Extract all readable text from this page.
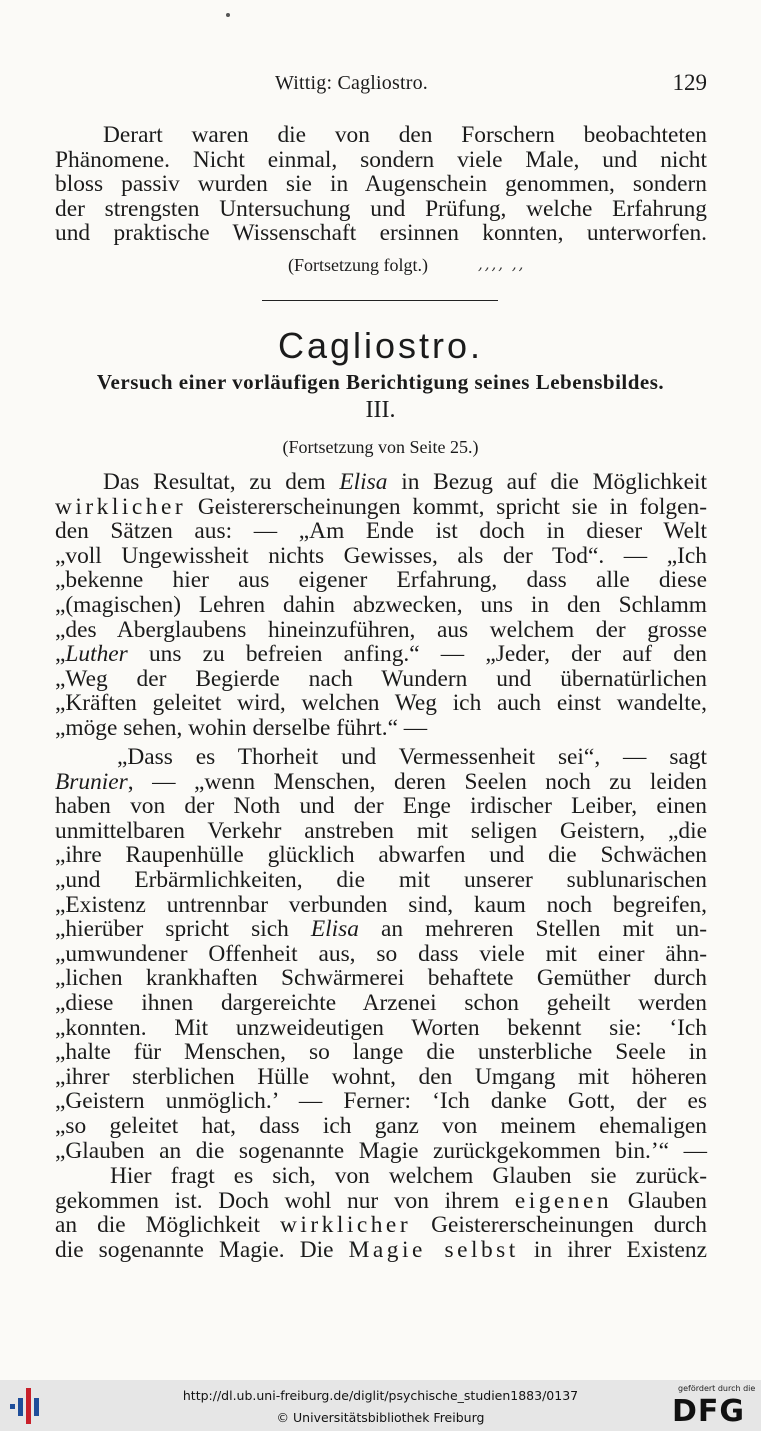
Wittig: Cagliostro.	129

Derart waren die von den Forschern beobachteten

Phänomene. Nicht einmal, sondern viele Male, und nicht

bloss passiv wurden sie in Augenschein genommen, sondern

der strengsten Untersuchung und Prüfung, welche Erfahrung

und praktische Wissenschaft ersinnen konnten, unterworfen.

(Fortsetzung folgt.)	,,,, ,,
Cagliostro.
Versuch einer vorläufigen Berichtigung seines Lebensbildes.
III.
(Fortsetzung von Seite 25.)

Das Resultat, zu dem Elisa in Bezug auf die Möglichkeit

wirklicher Geistererscheinungen kommt, spricht sie in folgen-

den Sätzen aus: — „Am Ende ist doch in dieser Welt

„voll Ungewissheit nichts Gewisses, als der Tod“. — „Ich

„bekenne hier aus eigener Erfahrung, dass alle diese

„(magischen) Lehren dahin abzwecken, uns in den Schlamm

„des Aberglaubens hineinzuführen, aus welchem der grosse

„Luther uns zu befreien anfing.“ — „Jeder, der auf den

„Weg der Begierde nach Wundern und übernatürlichen

„Kräften geleitet wird, welchen Weg ich auch einst wandelte,

„möge sehen, wohin derselbe führt.“ —

„Dass es Thorheit und Vermessenheit sei“, — sagt

Brunier, — „wenn Menschen, deren Seelen noch zu leiden

haben von der Noth und der Enge irdischer Leiber, einen

unmittelbaren Verkehr anstreben mit seligen Geistern, „die

„ihre Raupenhülle glücklich abwarfen und die Schwächen

„und Erbärmlichkeiten, die mit unserer sublunarischen

„Existenz untrennbar verbunden sind, kaum noch begreifen,

„hierüber spricht sich Elisa an mehreren Stellen mit un-

„umwundener Offenheit aus, so dass viele mit einer ähn-

„lichen krankhaften Schwärmerei behaftete Gemüther durch

„diese ihnen dargereichte Arzenei schon geheilt werden

„konnten. Mit unzweideutigen Worten bekennt sie: ‘Ich

„halte für Menschen, so lange die unsterbliche Seele in

„ihrer sterblichen Hülle wohnt, den Umgang mit höheren

„Geistern unmöglich.’ — Ferner: ‘Ich danke Gott, der es

„so geleitet hat, dass ich ganz von meinem ehemaligen

„Glauben an die sogenannte Magie zurückgekommen bin.’“ —

Hier fragt es sich, von welchem Glauben sie zurück-

gekommen ist. Doch wohl nur von ihrem eigenen Glauben

an die Möglichkeit wirklicher Geistererscheinungen durch

die sogenannte Magie. Die Magie selbst in ihrer Existenz

http://dl.ub.uni-freiburg.de/diglit/psychische_studien1883/0137
© Universitätsbibliothek Freiburg
gefördert durch die
DFG
